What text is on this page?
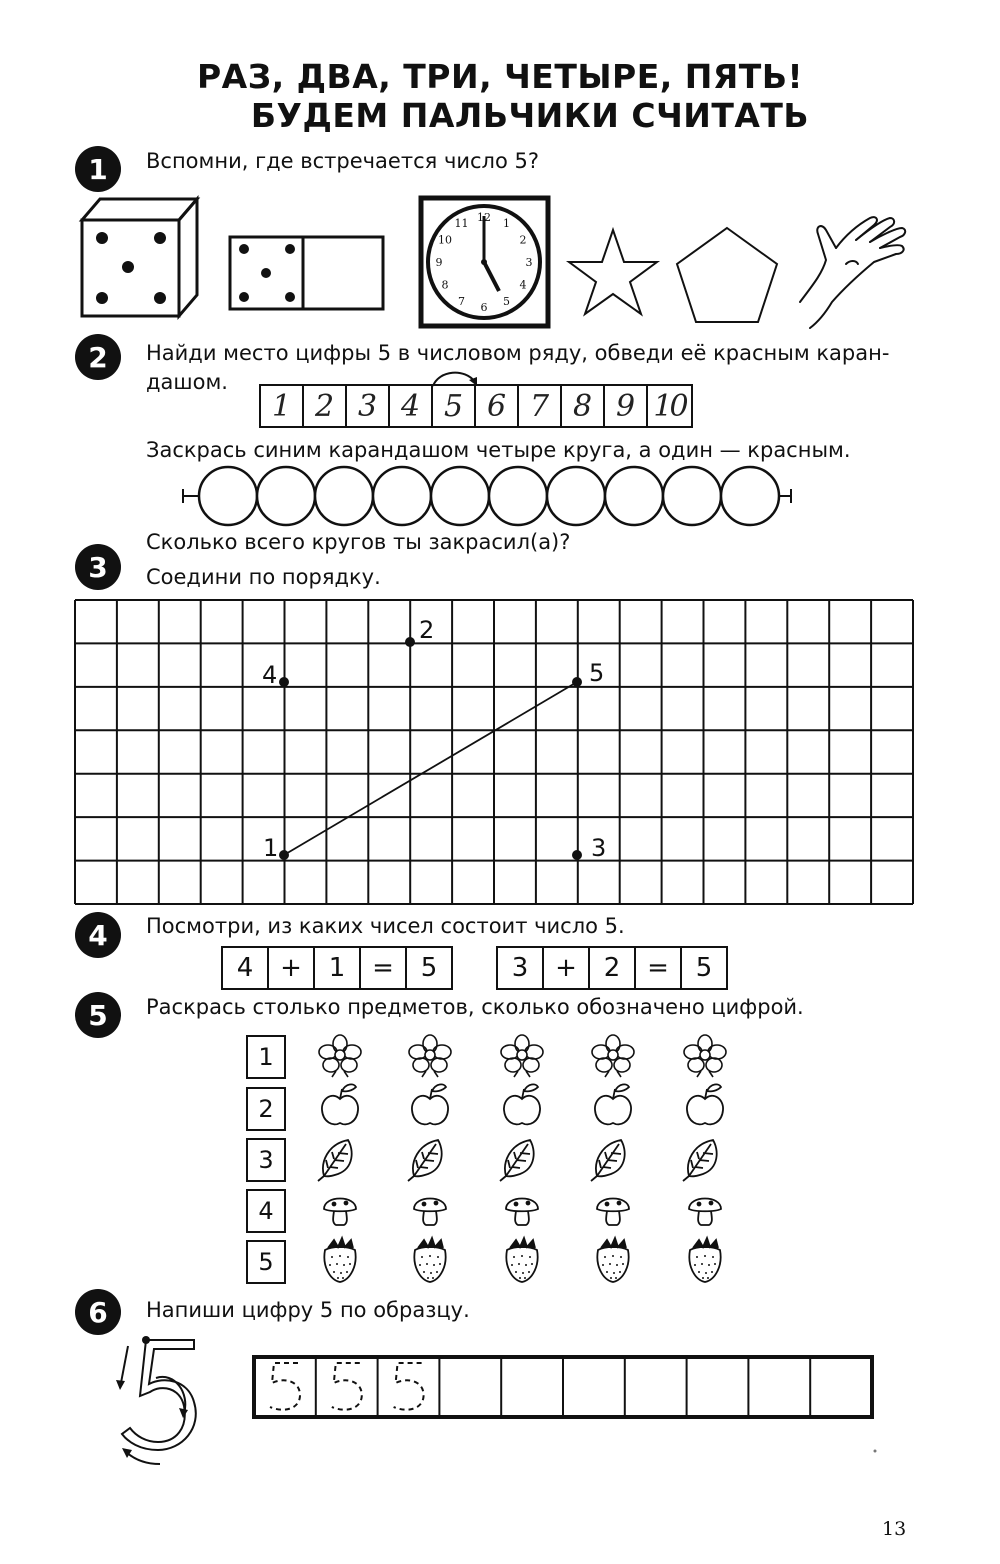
РАЗ, ДВА, ТРИ, ЧЕТЫРЕ, ПЯТЬ!
БУДЕМ ПАЛЬЧИКИ СЧИТАТЬ
1	Вспомни, где встречается число 5?
12 1
2
3
4
5
6
7
8
9
10
11
2	Найди место цифры 5 в числовом ряду, обведи её красным каран-
дашом.
1 2 3 4 5 6 7 8 9 10
Заскрась синим карандашом четыре круга, а один — красным.
Сколько всего кругов ты закрасил(а)?
3	Соедини по порядку.
1
2
3
4	5
4	Посмотри, из каких чисел состоит число 5.
4	+	1	=	5	3	+	2	=	5
5	Раскрась столько предметов, сколько обозначено цифрой.
1
2
3
4
5
6	Напиши цифру 5 по образцу.
13
